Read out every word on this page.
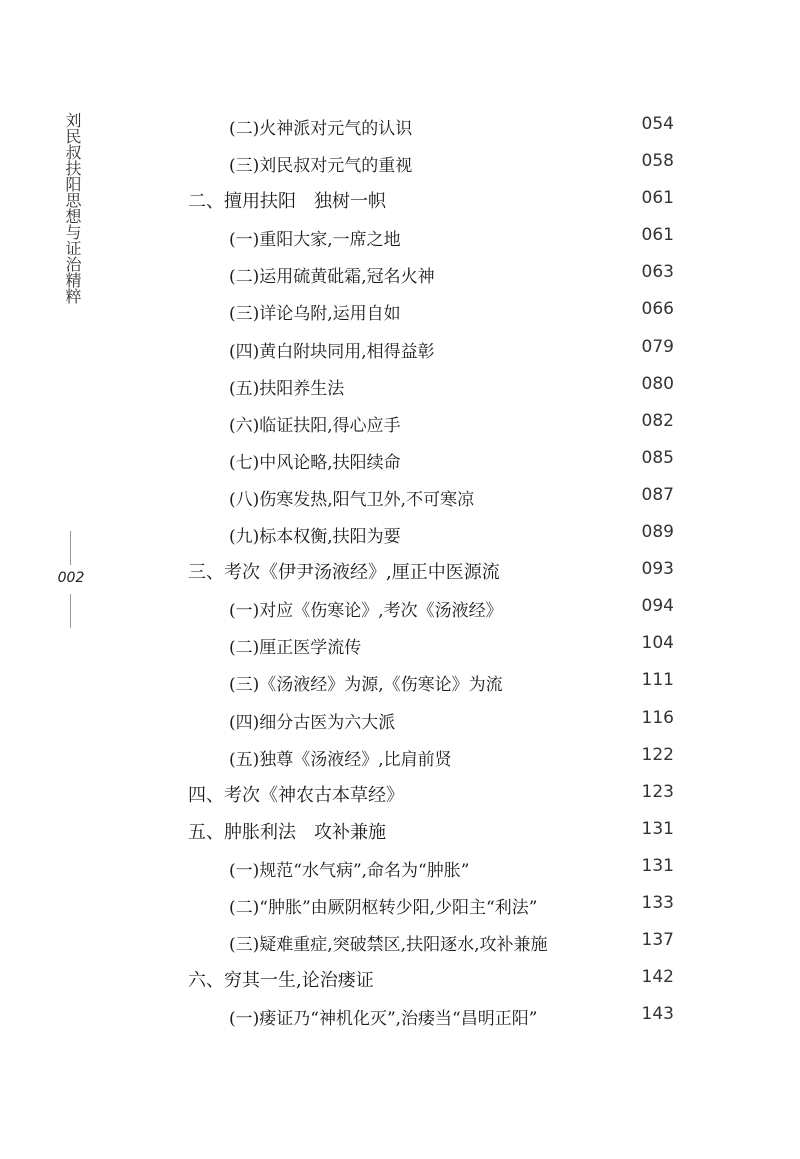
刘民叔扶阳思想与证治精粹
002
(二)火神派对元气的认识	054
(三)刘民叔对元气的重视	058
二、擅用扶阳　独树一帜	061
(一)重阳大家,一席之地	061
(二)运用硫黄砒霜,冠名火神	063
(三)详论乌附,运用自如	066
(四)黄白附块同用,相得益彰	079
(五)扶阳养生法	080
(六)临证扶阳,得心应手	082
(七)中风论略,扶阳续命	085
(八)伤寒发热,阳气卫外,不可寒凉	087
(九)标本权衡,扶阳为要	089
三、考次《伊尹汤液经》,厘正中医源流	093
(一)对应《伤寒论》,考次《汤液经》	094
(二)厘正医学流传	104
(三)《汤液经》为源,《伤寒论》为流	111
(四)细分古医为六大派	116
(五)独尊《汤液经》,比肩前贤	122
四、考次《神农古本草经》	123
五、肿胀利法　攻补兼施	131
(一)规范“水气病”,命名为“肿胀”	131
(二)“肿胀”由厥阴枢转少阳,少阳主“利法”	133
(三)疑难重症,突破禁区,扶阳逐水,攻补兼施	137
六、穷其一生,论治瘘证	142
(一)瘘证乃“神机化灭”,治瘘当“昌明正阳”	143
